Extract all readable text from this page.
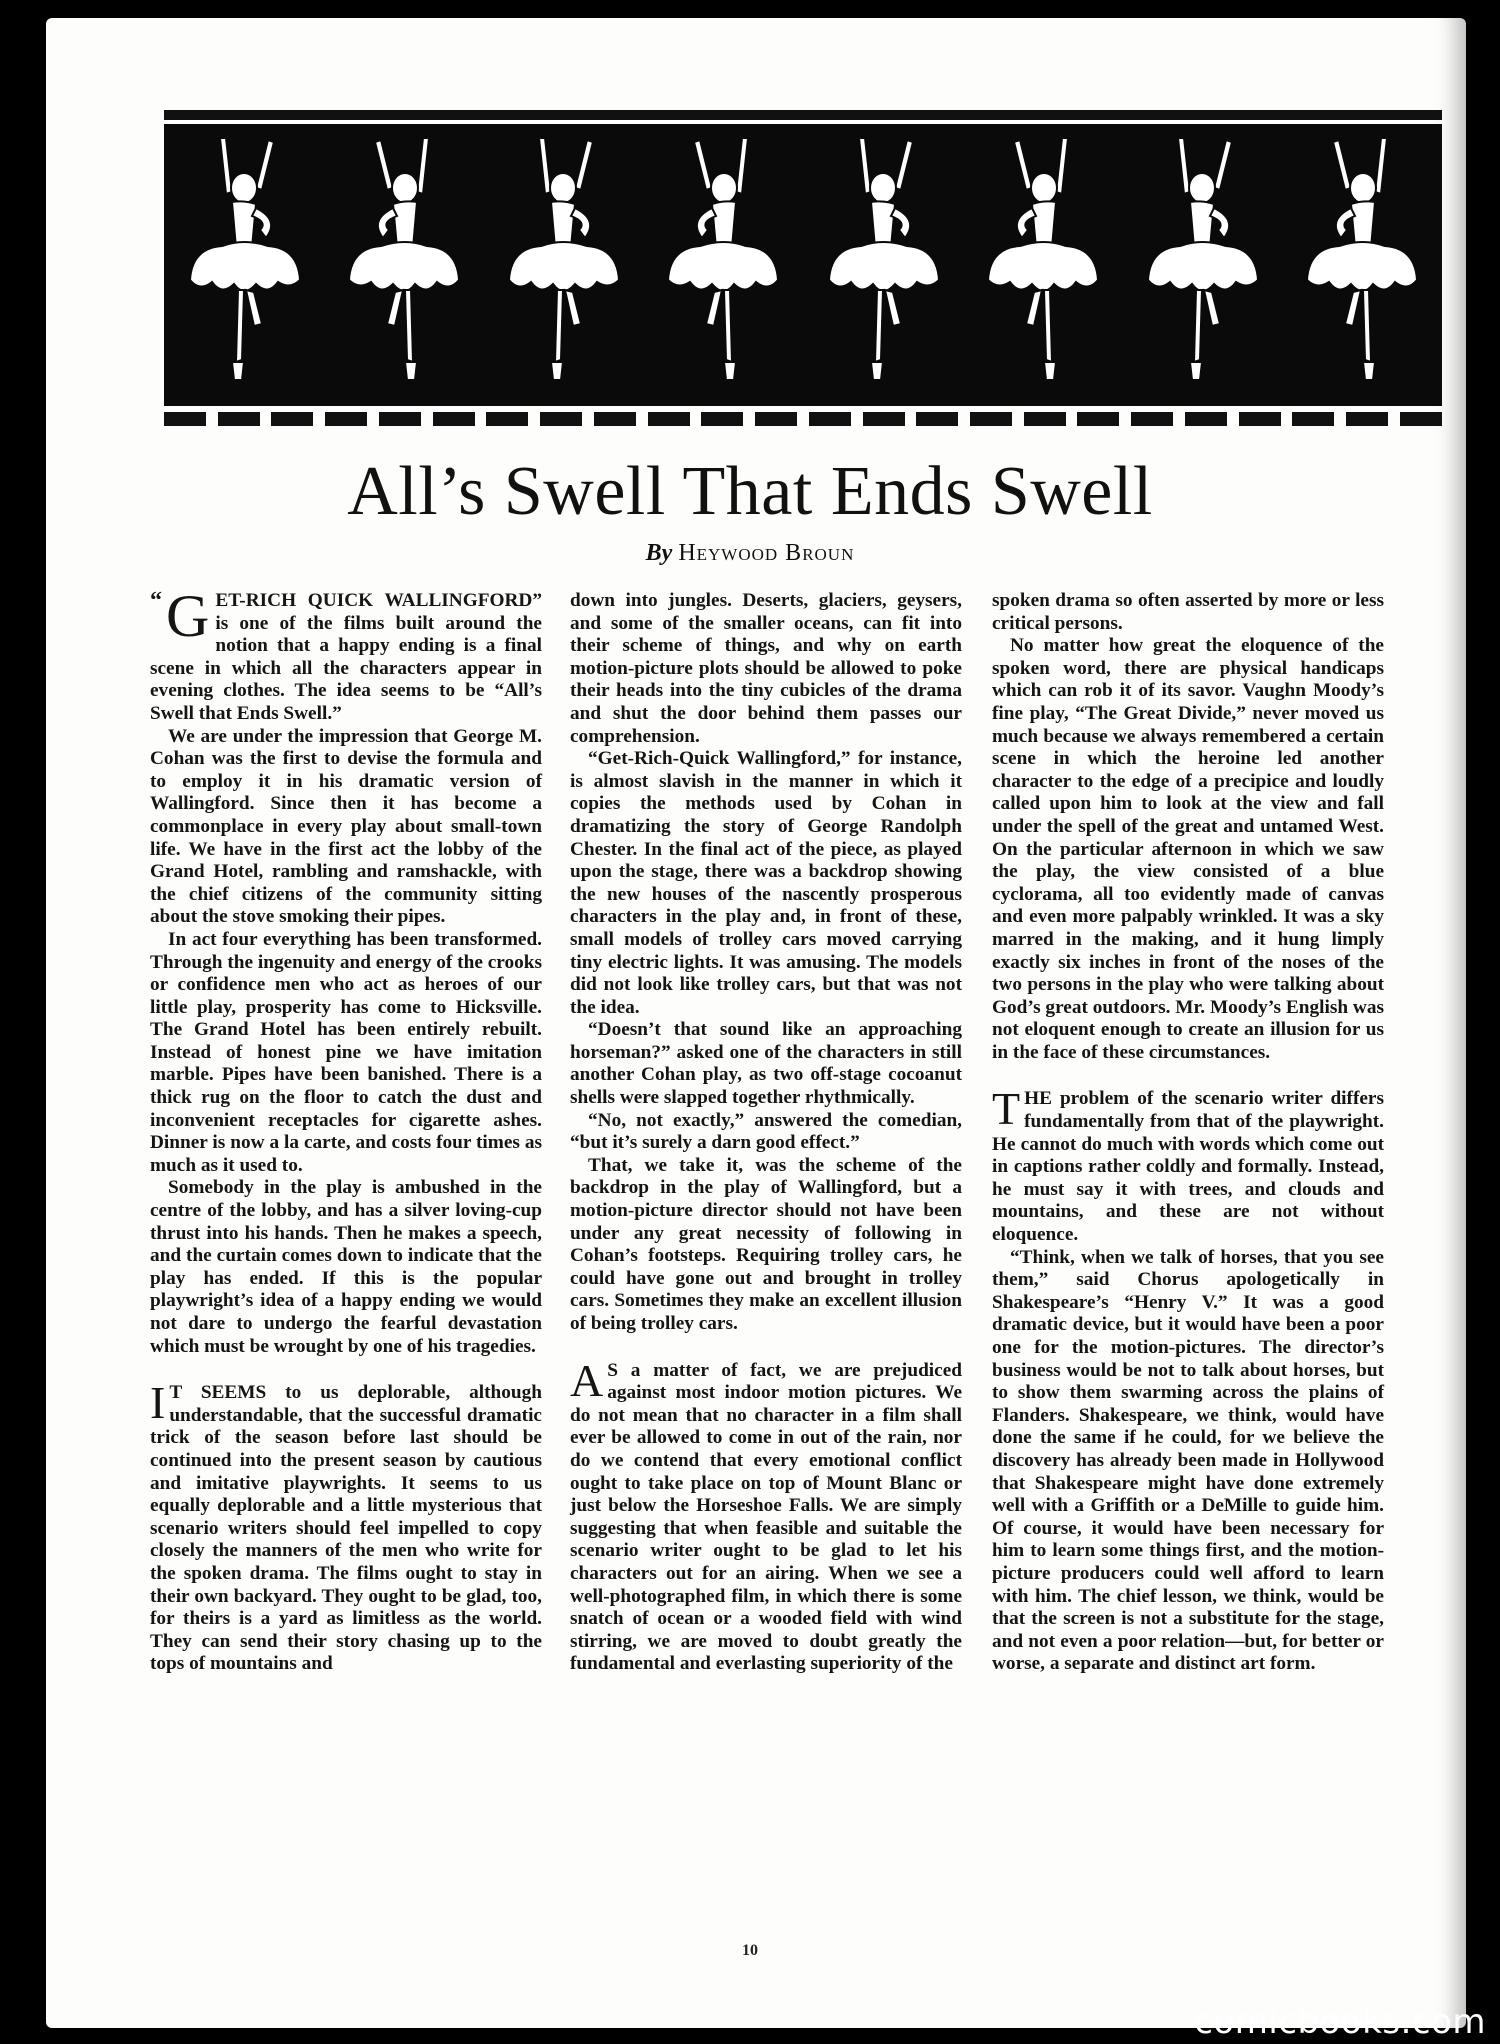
All’s Swell That Ends Swell
By Heywood Broun

“ G ET-RICH QUICK WALLINGFORD” is one of the films built around the notion that a happy ending is a final scene in which all the characters appear in evening clothes. The idea seems to be “All’s Swell that Ends Swell.”

We are under the impression that George M. Cohan was the first to devise the formula and to employ it in his dramatic version of Wallingford. Since then it has become a commonplace in every play about small-town life. We have in the first act the lobby of the Grand Hotel, rambling and ramshackle, with the chief citizens of the community sitting about the stove smoking their pipes.

In act four everything has been transformed. Through the ingenuity and energy of the crooks or confidence men who act as heroes of our little play, prosperity has come to Hicksville. The Grand Hotel has been entirely rebuilt. Instead of honest pine we have imitation marble. Pipes have been banished. There is a thick rug on the floor to catch the dust and inconvenient receptacles for cigarette ashes. Dinner is now a la carte, and costs four times as much as it used to.

Somebody in the play is ambushed in the centre of the lobby, and has a silver loving-cup thrust into his hands. Then he makes a speech, and the curtain comes down to indicate that the play has ended. If this is the popular playwright’s idea of a happy ending we would not dare to undergo the fearful devastation which must be wrought by one of his tragedies.

I T SEEMS to us deplorable, although understandable, that the successful dramatic trick of the season before last should be continued into the present season by cautious and imitative playwrights. It seems to us equally deplorable and a little mysterious that scenario writers should feel impelled to copy closely the manners of the men who write for the spoken drama. The films ought to stay in their own backyard. They ought to be glad, too, for theirs is a yard as limitless as the world. They can send their story chasing up to the tops of mountains and

down into jungles. Deserts, glaciers, geysers, and some of the smaller oceans, can fit into their scheme of things, and why on earth motion-picture plots should be allowed to poke their heads into the tiny cubicles of the drama and shut the door behind them passes our comprehension.

“Get-Rich-Quick Wallingford,” for instance, is almost slavish in the manner in which it copies the methods used by Cohan in dramatizing the story of George Randolph Chester. In the final act of the piece, as played upon the stage, there was a backdrop showing the new houses of the nascently prosperous characters in the play and, in front of these, small models of trolley cars moved carrying tiny electric lights. It was amusing. The models did not look like trolley cars, but that was not the idea.

“Doesn’t that sound like an approaching horseman?” asked one of the characters in still another Cohan play, as two off-stage cocoanut shells were slapped together rhythmically.

“No, not exactly,” answered the comedian, “but it’s surely a darn good effect.”

That, we take it, was the scheme of the backdrop in the play of Wallingford, but a motion-picture director should not have been under any great necessity of following in Cohan’s footsteps. Requiring trolley cars, he could have gone out and brought in trolley cars. Sometimes they make an excellent illusion of being trolley cars.

A S a matter of fact, we are prejudiced against most indoor motion pictures. We do not mean that no character in a film shall ever be allowed to come in out of the rain, nor do we contend that every emotional conflict ought to take place on top of Mount Blanc or just below the Horseshoe Falls. We are simply suggesting that when feasible and suitable the scenario writer ought to be glad to let his characters out for an airing. When we see a well-photographed film, in which there is some snatch of ocean or a wooded field with wind stirring, we are moved to doubt greatly the fundamental and everlasting superiority of the

spoken drama so often asserted by more or less critical persons.

No matter how great the eloquence of the spoken word, there are physical handicaps which can rob it of its savor. Vaughn Moody’s fine play, “The Great Divide,” never moved us much because we always remembered a certain scene in which the heroine led another character to the edge of a precipice and loudly called upon him to look at the view and fall under the spell of the great and untamed West. On the particular afternoon in which we saw the play, the view consisted of a blue cyclorama, all too evidently made of canvas and even more palpably wrinkled. It was a sky marred in the making, and it hung limply exactly six inches in front of the noses of the two persons in the play who were talking about God’s great outdoors. Mr. Moody’s English was not eloquent enough to create an illusion for us in the face of these circumstances.

THE problem of the scenario writer differs fundamentally from that of the playwright. He cannot do much with words which come out in captions rather coldly and formally. Instead, he must say it with trees, and clouds and mountains, and these are not without eloquence.

“Think, when we talk of horses, that you see them,” said Chorus apologetically in Shakespeare’s “Henry V.” It was a good dramatic device, but it would have been a poor one for the motion-pictures. The director’s business would be not to talk about horses, but to show them swarming across the plains of Flanders. Shakespeare, we think, would have done the same if he could, for we believe the discovery has already been made in Hollywood that Shakespeare might have done extremely well with a Griffith or a DeMille to guide him. Of course, it would have been necessary for him to learn some things first, and the motion-picture producers could well afford to learn with him. The chief lesson, we think, would be that the screen is not a substitute for the stage, and not even a poor relation—but, for better or worse, a separate and distinct art form.

10
comicbooks.com
